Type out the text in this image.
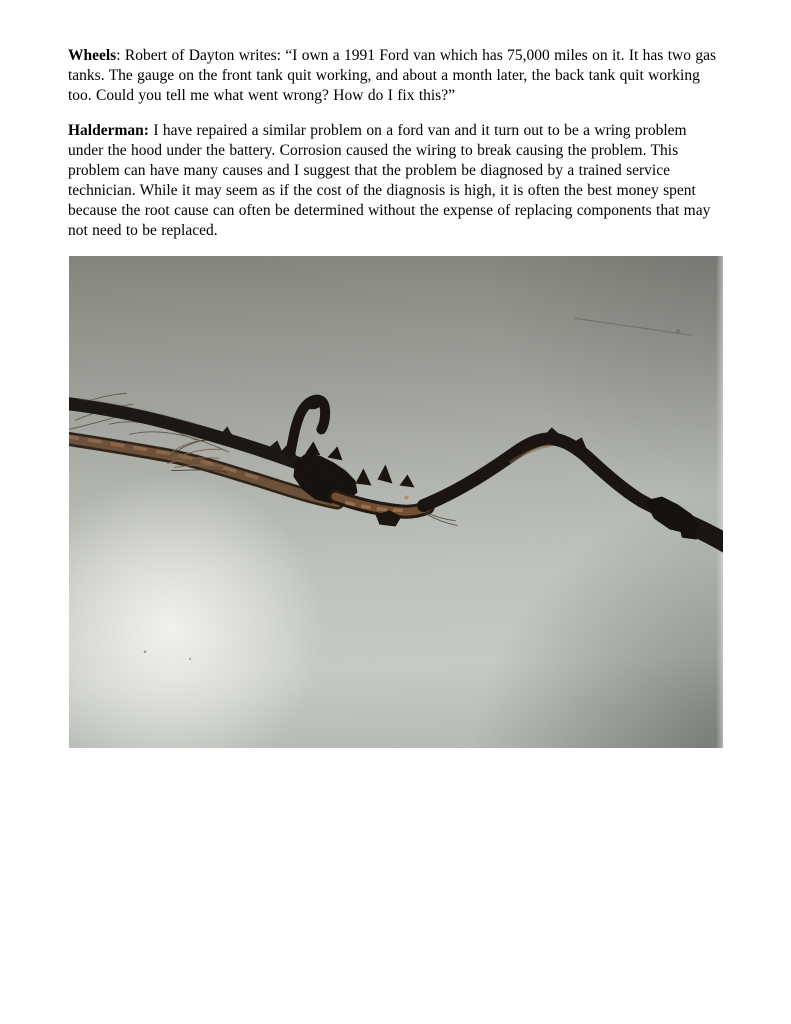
Wheels: Robert of Dayton writes: “I own a 1991 Ford van which has 75,000 miles on it. It has two gas tanks. The gauge on the front tank quit working, and about a month later, the back tank quit working too. Could you tell me what went wrong? How do I fix this?”

Halderman: I have repaired a similar problem on a ford van and it turn out to be a wring problem under the hood under the battery. Corrosion caused the wiring to break causing the problem. This problem can have many causes and I suggest that the problem be diagnosed by a trained service technician. While it may seem as if the cost of the diagnosis is high, it is often the best money spent because the root cause can often be determined without the expense of replacing components that may not need to be replaced.
